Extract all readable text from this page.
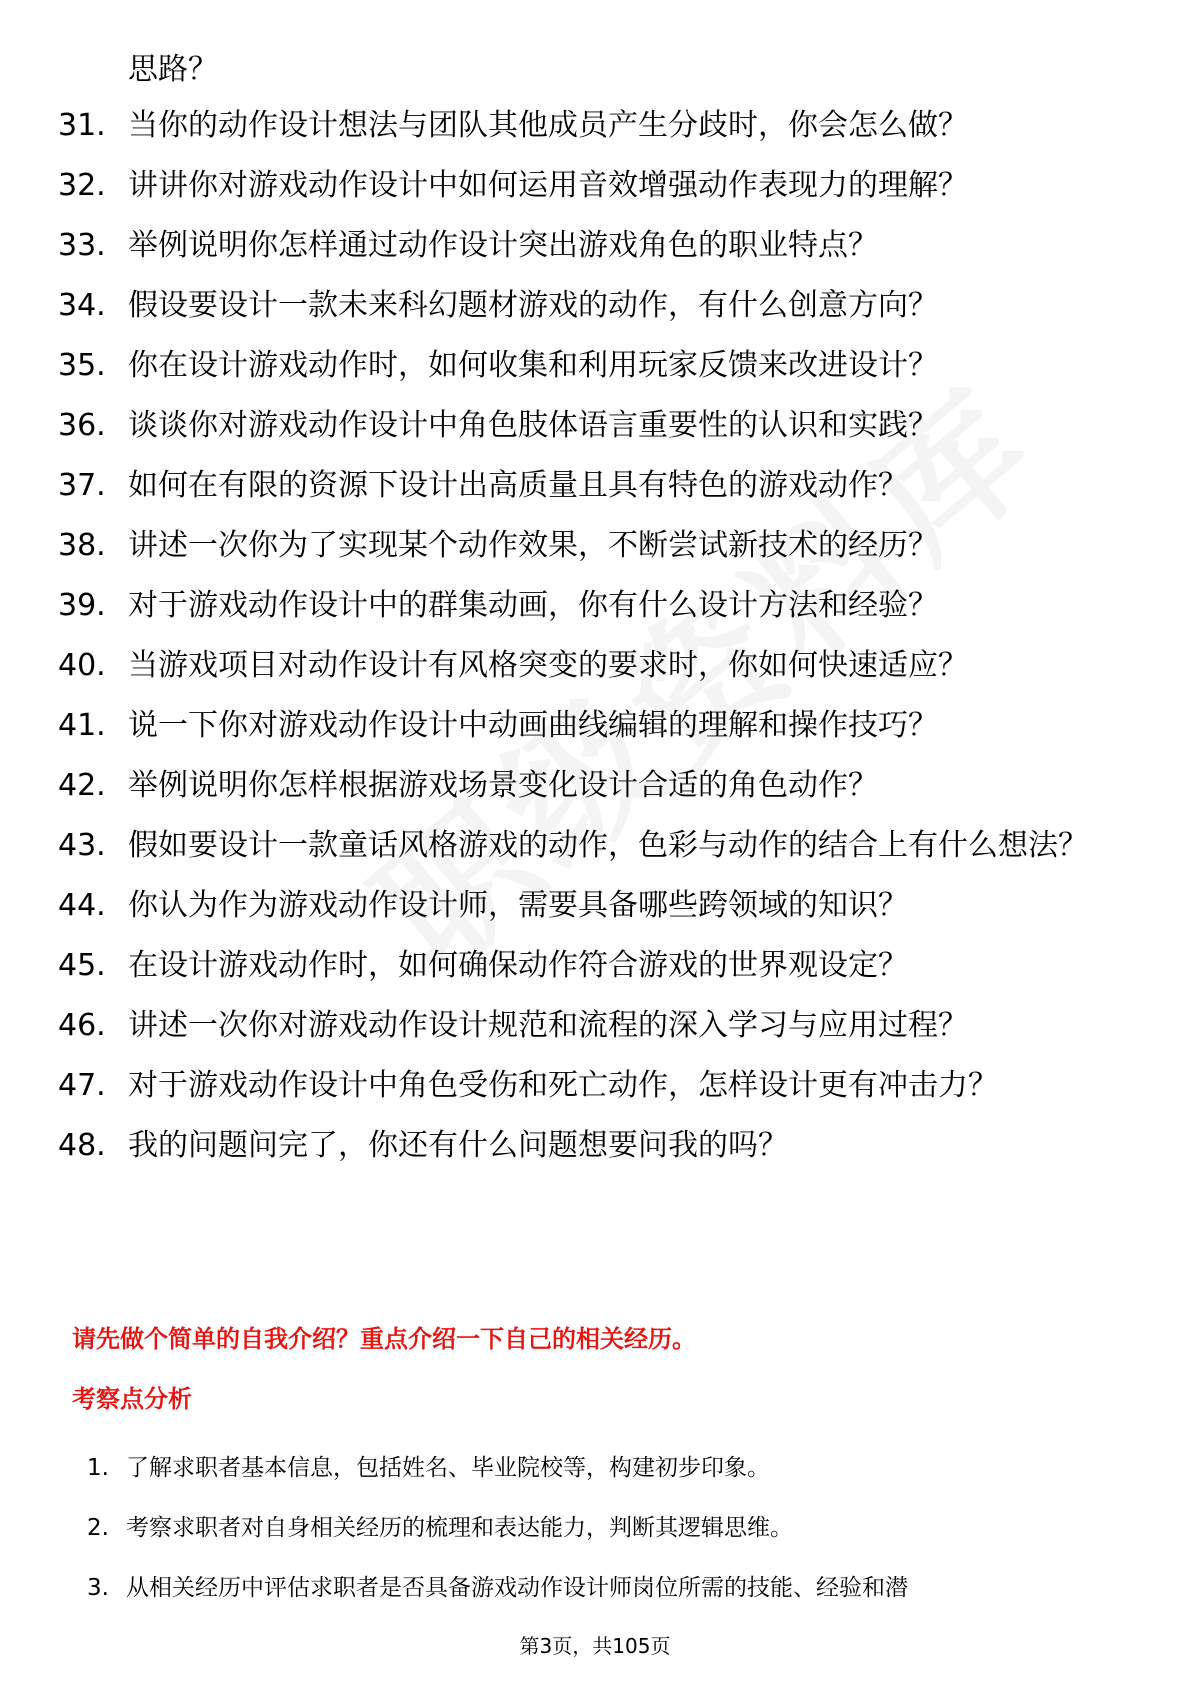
思路？
31. 当你的动作设计想法与团队其他成员产生分歧时，你会怎么做？
32. 讲讲你对游戏动作设计中如何运用音效增强动作表现力的理解？
33. 举例说明你怎样通过动作设计突出游戏角色的职业特点？
34. 假设要设计一款未来科幻题材游戏的动作，有什么创意方向？
35. 你在设计游戏动作时，如何收集和利用玩家反馈来改进设计？
36. 谈谈你对游戏动作设计中角色肢体语言重要性的认识和实践？
37. 如何在有限的资源下设计出高质量且具有特色的游戏动作？
38. 讲述一次你为了实现某个动作效果，不断尝试新技术的经历？
39. 对于游戏动作设计中的群集动画，你有什么设计方法和经验？
40. 当游戏项目对动作设计有风格突变的要求时，你如何快速适应？
41. 说一下你对游戏动作设计中动画曲线编辑的理解和操作技巧？
42. 举例说明你怎样根据游戏场景变化设计合适的角色动作？
43. 假如要设计一款童话风格游戏的动作，色彩与动作的结合上有什么想法？
44. 你认为作为游戏动作设计师，需要具备哪些跨领域的知识？
45. 在设计游戏动作时，如何确保动作符合游戏的世界观设定？
46. 讲述一次你对游戏动作设计规范和流程的深入学习与应用过程？
47. 对于游戏动作设计中角色受伤和死亡动作，怎样设计更有冲击力？
48. 我的问题问完了，你还有什么问题想要问我的吗？
请先做个简单的自我介绍？重点介绍一下自己的相关经历。
考察点分析
1. 了解求职者基本信息，包括姓名、毕业院校等，构建初步印象。
2. 考察求职者对自身相关经历的梳理和表达能力，判断其逻辑思维。
3. 从相关经历中评估求职者是否具备游戏动作设计师岗位所需的技能、经验和潜
第3页，共105页
